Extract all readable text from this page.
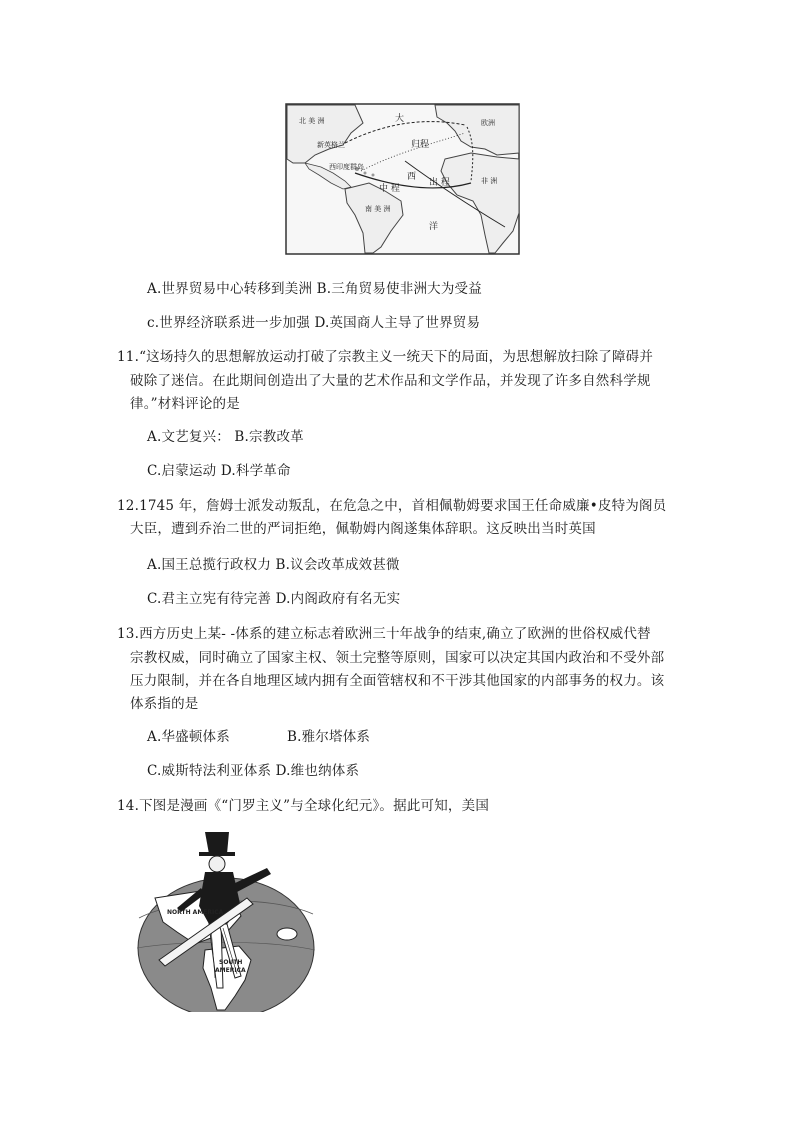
北 美 洲	大	欧洲
归程
新英格兰
西
中 程
出 程
南 美 洲
洋
西印度群岛
非 洲
A.世界贸易中心转移到美洲 B.三角贸易使非洲大为受益
c.世界经济联系进一步加强 D.英国商人主导了世界贸易
11.“这场持久的思想解放运动打破了宗教主义一统天下的局面，为思想解放扫除了障碍并
破除了迷信。在此期间创造出了大量的艺术作品和文学作品，并发现了许多自然科学规
律。”材料评论的是
A.文艺复兴： B.宗教改革
C.启蒙运动 D.科学革命
12.1745 年，詹姆士派发动叛乱，在危急之中，首相佩勒姆要求国王任命威廉•皮特为阁员
大臣，遭到乔治二世的严词拒绝，佩勒姆内阁遂集体辞职。这反映出当时英国
A.国王总揽行政权力 B.议会改革成效甚微
C.君主立宪有待完善 D.内阁政府有名无实
13.西方历史上某- -体系的建立标志着欧洲三十年战争的结束,确立了欧洲的世俗权威代替
宗教权威，同时确立了国家主权、领土完整等原则，国家可以决定其国内政治和不受外部
压力限制，并在各自地理区域内拥有全面管辖权和不干涉其他国家的内部事务的权力。该
体系指的是
A.华盛顿体系	B.雅尔塔体系
C.威斯特法利亚体系 D.维也纳体系
14.下图是漫画《“门罗主义”与全球化纪元》。据此可知，美国
NORTH AMERICA
SOUTH
AMERICA
